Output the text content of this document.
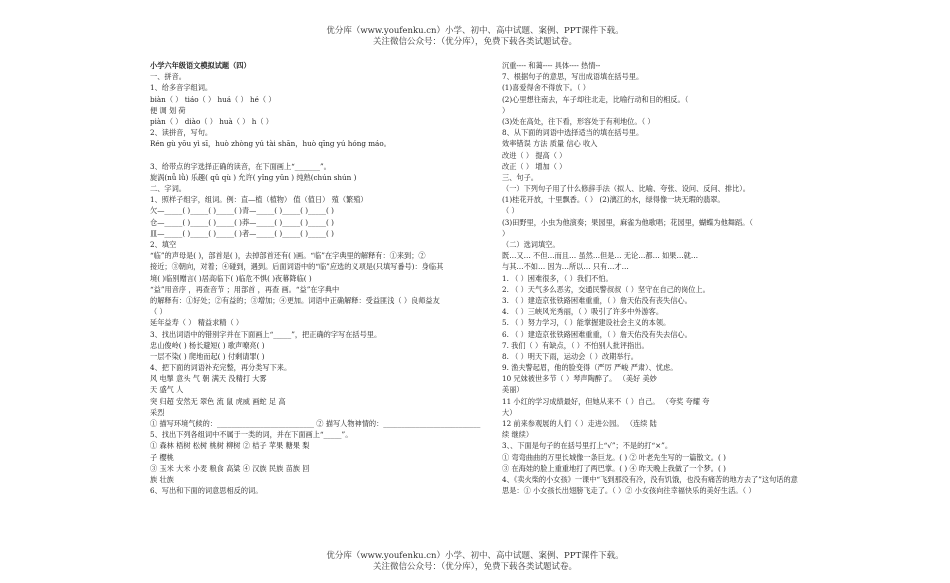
优分库（www.youfenku.cn）小学、初中、高中试题、案例、PPT课件下载。
关注微信公众号：（优分库），免费下载各类试题试卷。
小学六年级语文模拟试题（四）
一、拼音。
1、给多音字组词。
biàn（ ） tiáo（ ） huá（ ） hé（ ）
便 调 划 荷
piàn（ ） diào（ ） huà（ ） h（ ）
2、读拼音，写句。
Rén gù yōu yì sī，huò zhòng yú tài shān，huò qīng yú hóng máo。
3、给带点的字选择正确的读音，在下面画上“_______”。
旋涡(nǚ lǜ) 乐趣( qǔ qù ) 允许( yǐng yǔn ) 纯熟(chún shún )
二、字词。
1、照样子组字，组词。例：直—植（植物） 值（值日） 殖（繁殖）
欠—_____( )_____( )_____( )青—_____( )_____( )_____( )
仓—_____( )_____( )_____( )莽—_____( )_____( )_____( )
皿—_____( )_____( )_____( )者—_____( )_____( )_____( )
2、填空
“临”的声母是( )，部首是( )，去掉部首还有( )画。“临”在字典里的解释有：①来到；②
接近；③朝向，对着；④碰到，遇到。后面词语中的“临”应选的义项是(只填写番号)：身临其
境( )临别赠言( )居高临下( )临危不惧( )夜幕降临( )
“益”用音序 ，再查音节 ；用部首 ，再查 画。“益”在字典中
的解释有：①好处；②有益的；③增加；④更加。词语中正确解释：受益匪浅（ ）良师益友
（ ）
延年益寿（ ） 精益求精（ ）
3、找出词语中的错别字并在下面画上“_____”，把正确的字写在括号里。
忠山俊岭( ) 杨长避短( ) 歌声嘹亮( )
一层不染( ) 爬地而起( ) 付剩请罪( )
4、把下面的词语补充完整，再分类写下来。
风 电掣 意头 气 朝 满天 没精打 大雾
天 盛气 人
突 归超 安然无 翠色 流 鼠 虎威 画蛇 足 高
采烈
① 描写环境气候的：___________________________ ② 描写人物神情的：___________________________
5、找出下列各组词中不属于一类的词，并在下面画上“_____”。
① 森林 梧树 松树 桃树 柳树 ② 桔子 苹果 糖果 梨
子 樱桃
③ 玉米 大米 小麦 粮食 高粱 ④ 汉族 民族 苗族 回
族 壮族
6、写出和下面的词意思相反的词。
沉重---- 和蔼---- 具体---- 热情--
7、根据句子的意思，写出成语填在括号里。
(1)喜爱得舍不得放下。（ ）
(2)心里想往南去，车子却往北走，比喻行动和目的相反。（
）
(3)处在高处，往下看，形容处于有利地位。（ ）
8、从下面的词语中选择适当的填在括号里。
效率错误 方法 质量 信心 收入
改进（ ） 提高（ ）
改正（ ） 增加（ ）
三、句子。
（一）下列句子用了什么修辞手法（拟人、比喻、夸张、设问、反问、排比）。
(1)桂花开放，十里飘香。（ ） (2)漓江的水，绿得像一块无瑕的翡翠。
（ ）
(3)田野里，小虫为他演奏；果园里，麻雀为他歌唱；花园里，蝴蝶为他舞蹈。（
）
（二）选词填空。
既…又… 不但…而且… 虽然…但是… 无论…都… 如果…就…
与其…不如… 因为…所以… 只有…才…
1. （ ）困难很多，（ ）我们不怕。
2. （ ）天气多么恶劣，交通民警叔叔（ ）坚守在自己的岗位上。
3. （ ）建造京张铁路困难重重，（ ）詹天佑没有丧失信心。
4. （ ）三峡风光秀丽，（ ）吸引了许多中外游客。
5. （ ）努力学习，（ ）能掌握建设社会主义的本领。
6. （ ）建造京张铁路困难重重，（ ）詹天佑没有失去信心。
7. 我们（ ）有缺点，（ ）不怕别人批评指出。
8. （ ）明天下雨，运动会（ ）改期举行。
9. 渔夫警起眉，他的脸变得（严厉 严峻 严肃）、忧虑。
10 兄妹被世多节（ ）琴声陶醉了。 （美好 美妙
美丽）
11 小红的学习成绩最好，但她从来不（ ）自己。 （夸奖 夸耀 夸
大）
12 前来参观展的人们（ ）走进公园。 （连续 陆
续 继续）
3、、下面是句子的在括号里打上“√”；不是的打“×”。
① 弯弯曲曲的万里长城像一条巨龙。( ) ② 叶老先生写的一篇散文。( )
③ 在海娃的脸上重重地打了两巴掌。( ) ④ 昨天晚上我做了一个梦。( )
4、《卖火柴的小女孩》一课中“飞到那没有冷，没有饥饿，也没有痛苦的地方去了”这句话的意
思是：① 小女孩长出翅膀飞走了。（ ）② 小女孩向往幸福快乐的美好生活。（ ）
优分库（www.youfenku.cn）小学、初中、高中试题、案例、PPT课件下载。
关注微信公众号：（优分库），免费下载各类试题试卷。
